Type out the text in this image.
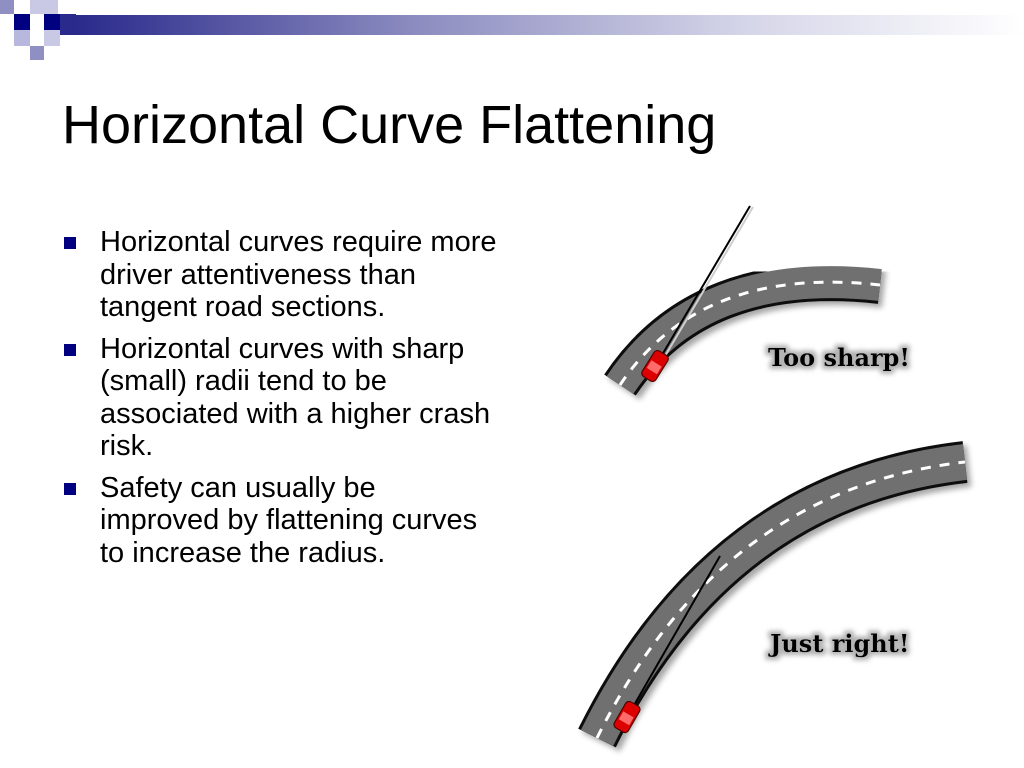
Horizontal Curve Flattening
Horizontal curves require more driver attentiveness than tangent road sections.
Horizontal curves with sharp (small) radii tend to be associated with a higher crash risk.
Safety can usually be improved by flattening curves to increase the radius.
Too sharp!
Just right!
